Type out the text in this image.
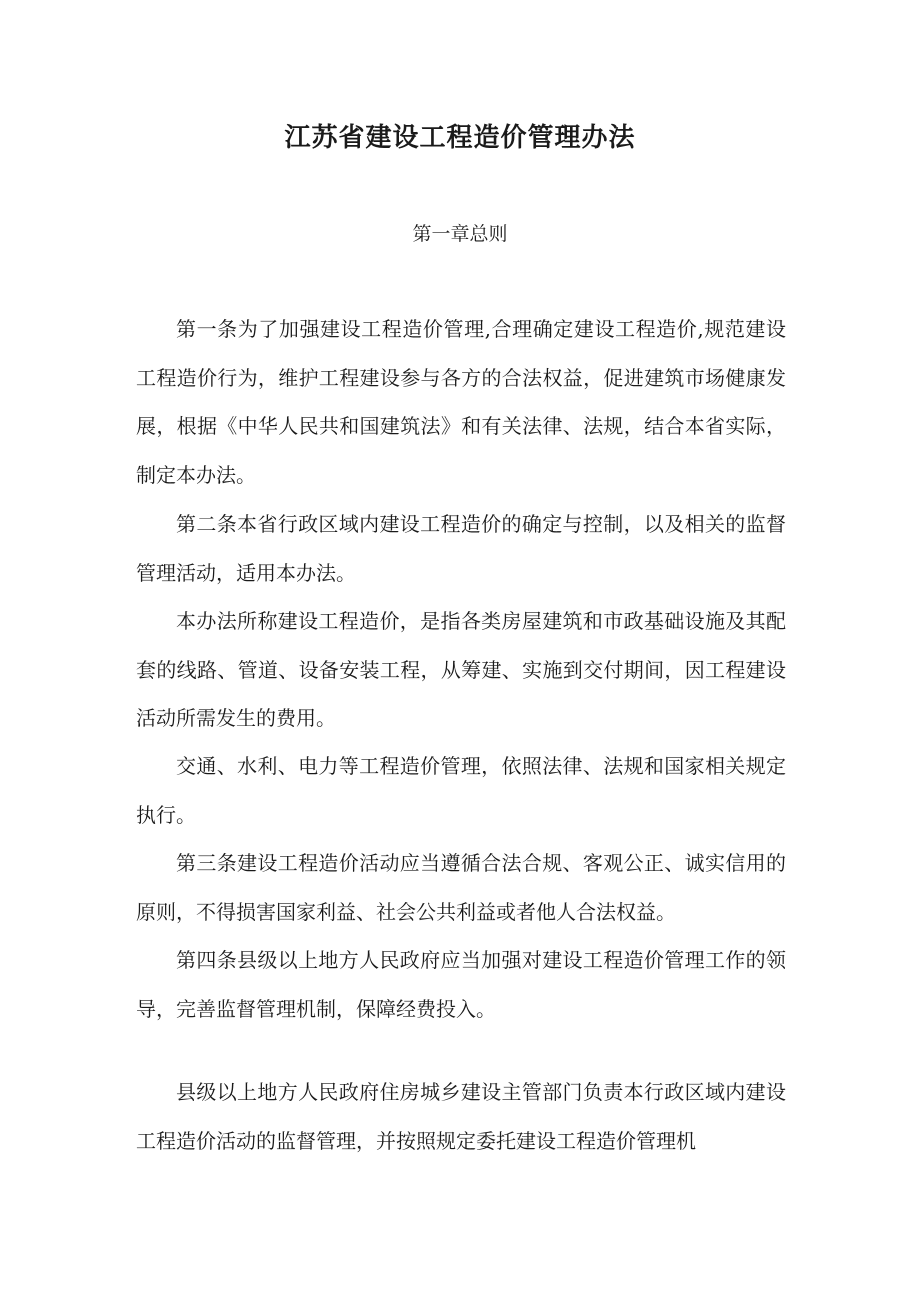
江苏省建设工程造价管理办法
第一章总则

第一条为了加强建设工程造价管理,合理确定建设工程造价,规范建设工程造价行为，维护工程建设参与各方的合法权益，促进建筑市场健康发展，根据《中华人民共和国建筑法》和有关法律、法规，结合本省实际，制定本办法。

第二条本省行政区域内建设工程造价的确定与控制，以及相关的监督管理活动，适用本办法。

本办法所称建设工程造价，是指各类房屋建筑和市政基础设施及其配套的线路、管道、设备安装工程，从筹建、实施到交付期间，因工程建设活动所需发生的费用。

交通、水利、电力等工程造价管理，依照法律、法规和国家相关规定执行。

第三条建设工程造价活动应当遵循合法合规、客观公正、诚实信用的原则，不得损害国家利益、社会公共利益或者他人合法权益。

第四条县级以上地方人民政府应当加强对建设工程造价管理工作的领导，完善监督管理机制，保障经费投入。

县级以上地方人民政府住房城乡建设主管部门负责本行政区域内建设工程造价活动的监督管理，并按照规定委托建设工程造价管理机
